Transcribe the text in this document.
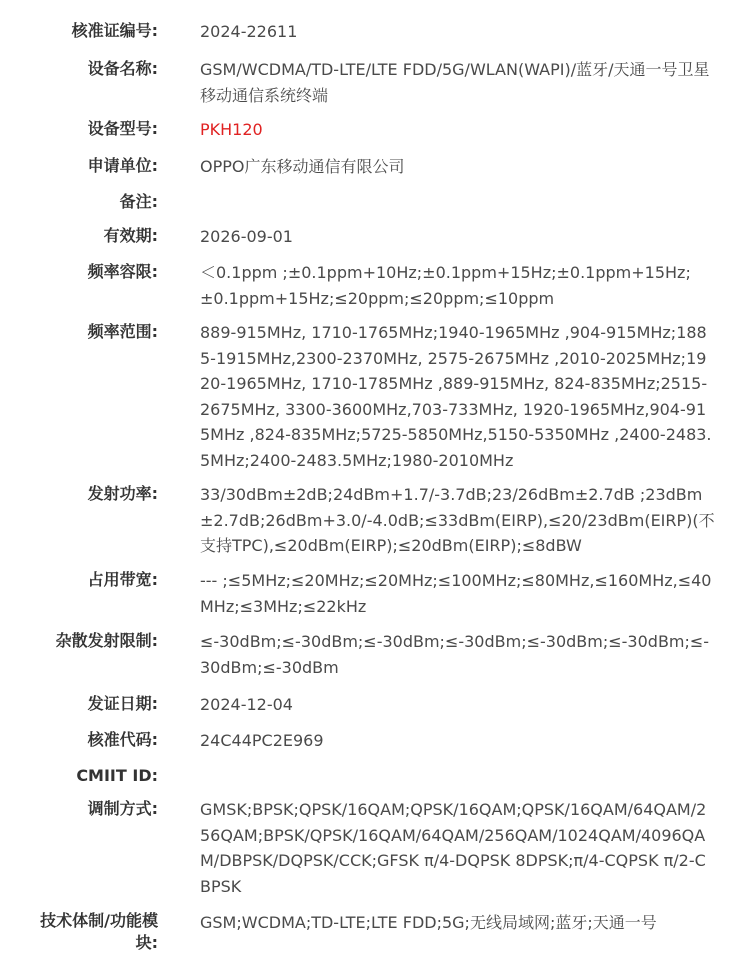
核准证编号:	2024-22611
设备名称:	GSM/WCDMA/TD-LTE/LTE FDD/5G/WLAN(WAPI)/蓝牙/天通一号卫星移动通信系统终端
设备型号:	PKH120
申请单位:	OPPO广东移动通信有限公司
备注:
有效期:	2026-09-01
频率容限:	＜0.1ppm ;±0.1ppm+10Hz;±0.1ppm+15Hz;±0.1ppm+15Hz;±0.1ppm+15Hz;≤20ppm;≤20ppm;≤10ppm
频率范围:	889-915MHz, 1710-1765MHz;1940-1965MHz ,904-915MHz;1885-1915MHz,2300-2370MHz, 2575-2675MHz ,2010-2025MHz;1920-1965MHz, 1710-1785MHz ,889-915MHz, 824-835MHz;2515-2675MHz, 3300-3600MHz,703-733MHz, 1920-1965MHz,904-915MHz ,824-835MHz;5725-5850MHz,5150-5350MHz ,2400-2483.5MHz;2400-2483.5MHz;1980-2010MHz
发射功率:	33/30dBm±2dB;24dBm+1.7/-3.7dB;23/26dBm±2.7dB ;23dBm±2.7dB;26dBm+3.0/-4.0dB;≤33dBm(EIRP),≤20/23dBm(EIRP)(不支持TPC),≤20dBm(EIRP);≤20dBm(EIRP);≤8dBW
占用带宽:	--- ;≤5MHz;≤20MHz;≤20MHz;≤100MHz;≤80MHz,≤160MHz,≤40MHz;≤3MHz;≤22kHz
杂散发射限制:	≤-30dBm;≤-30dBm;≤-30dBm;≤-30dBm;≤-30dBm;≤-30dBm;≤-30dBm;≤-30dBm
发证日期:	2024-12-04
核准代码:	24C44PC2E969
CMIIT ID:
调制方式:	GMSK;BPSK;QPSK/16QAM;QPSK/16QAM;QPSK/16QAM/64QAM/256QAM;BPSK/QPSK/16QAM/64QAM/256QAM/1024QAM/4096QAM/DBPSK/DQPSK/CCK;GFSK π/4-DQPSK 8DPSK;π/4-CQPSK π/2-CBPSK
技术体制/功能模块:
GSM;WCDMA;TD-LTE;LTE FDD;5G;无线局域网;蓝牙;天通一号
